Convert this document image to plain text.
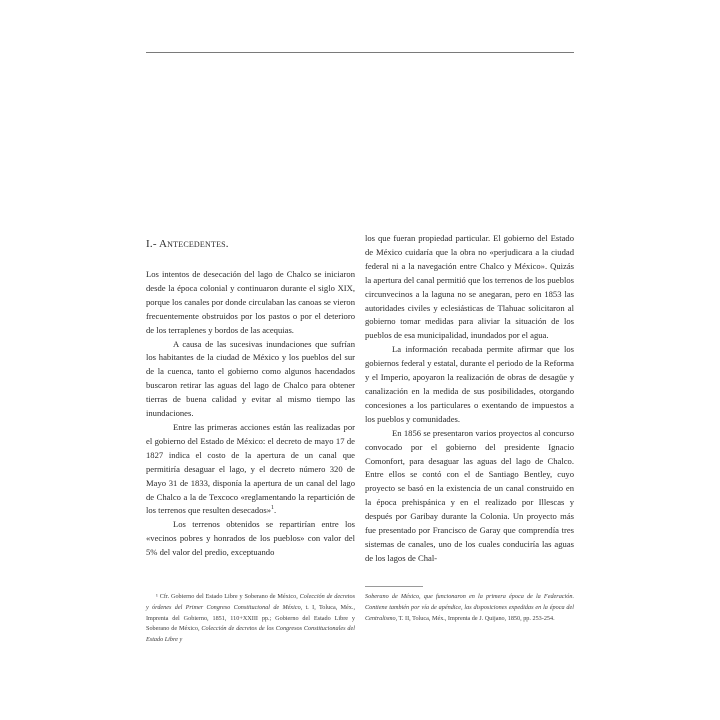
I.- Antecedentes.

Los intentos de desecación del lago de Chalco se iniciaron desde la época colonial y continuaron durante el siglo XIX, porque los canales por donde circulaban las canoas se vieron frecuentemente obstruidos por los pastos o por el deterioro de los terraplenes y bordos de las acequias.

A causa de las sucesivas inundaciones que sufrían los habitantes de la ciudad de México y los pueblos del sur de la cuenca, tanto el gobierno como algunos hacendados buscaron retirar las aguas del lago de Chalco para obtener tierras de buena calidad y evitar al mismo tiempo las inundaciones.

Entre las primeras acciones están las realizadas por el gobierno del Estado de México: el decreto de mayo 17 de 1827 indica el costo de la apertura de un canal que permitiría desaguar el lago, y el decreto número 320 de Mayo 31 de 1833, disponía la apertura de un canal del lago de Chalco a la de Texcoco «reglamentando la repartición de los terrenos que resulten desecados»$^1$.

Los terrenos obtenidos se repartirían entre los «vecinos pobres y honrados de los pueblos» con valor del 5% del valor del predio, exceptuando

los que fueran propiedad particular. El gobierno del Estado de México cuidaría que la obra no «perjudicara a la ciudad federal ni a la navegación entre Chalco y México». Quizás la apertura del canal permitió que los terrenos de los pueblos circunvecinos a la laguna no se anegaran, pero en 1853 las autoridades civiles y eclesiásticas de Tlahuac solicitaron al gobierno tomar medidas para aliviar la situación de los pueblos de esa municipalidad, inundados por el agua.

La información recabada permite afirmar que los gobiernos federal y estatal, durante el periodo de la Reforma y el Imperio, apoyaron la realización de obras de desagüe y canalización en la medida de sus posibilidades, otorgando concesiones a los particulares o exentando de impuestos a los pueblos y comunidades.

En 1856 se presentaron varios proyectos al concurso convocado por el gobierno del presidente Ignacio Comonfort, para desaguar las aguas del lago de Chalco. Entre ellos se contó con el de Santiago Bentley, cuyo proyecto se basó en la existencia de un canal construido en la época prehispánica y en el realizado por Illescas y después por Garibay durante la Colonia. Un proyecto más fue presentado por Francisco de Garay que comprendía tres sistemas de canales, uno de los cuales conduciría las aguas de los lagos de Chal-

¹ Cfr. Gobierno del Estado Libre y Soberano de México, Colección de decretos y órdenes del Primer Congreso Constitucional de México, t. I, Toluca, Méx., Imprenta del Gobierno, 1851, 110+XXIII pp.; Gobierno del Estado Libre y Soberano de México, Colección de decretos de los Congresos Constitucionales del Estado Libre y
Soberano de México, que funcionaron en la primera época de la Federación. Contiene también por vía de apéndice, las disposiciones expedidas en la época del Centralismo, T. II, Toluca, Méx., Imprenta de J. Quijano, 1850, pp. 253-254.
